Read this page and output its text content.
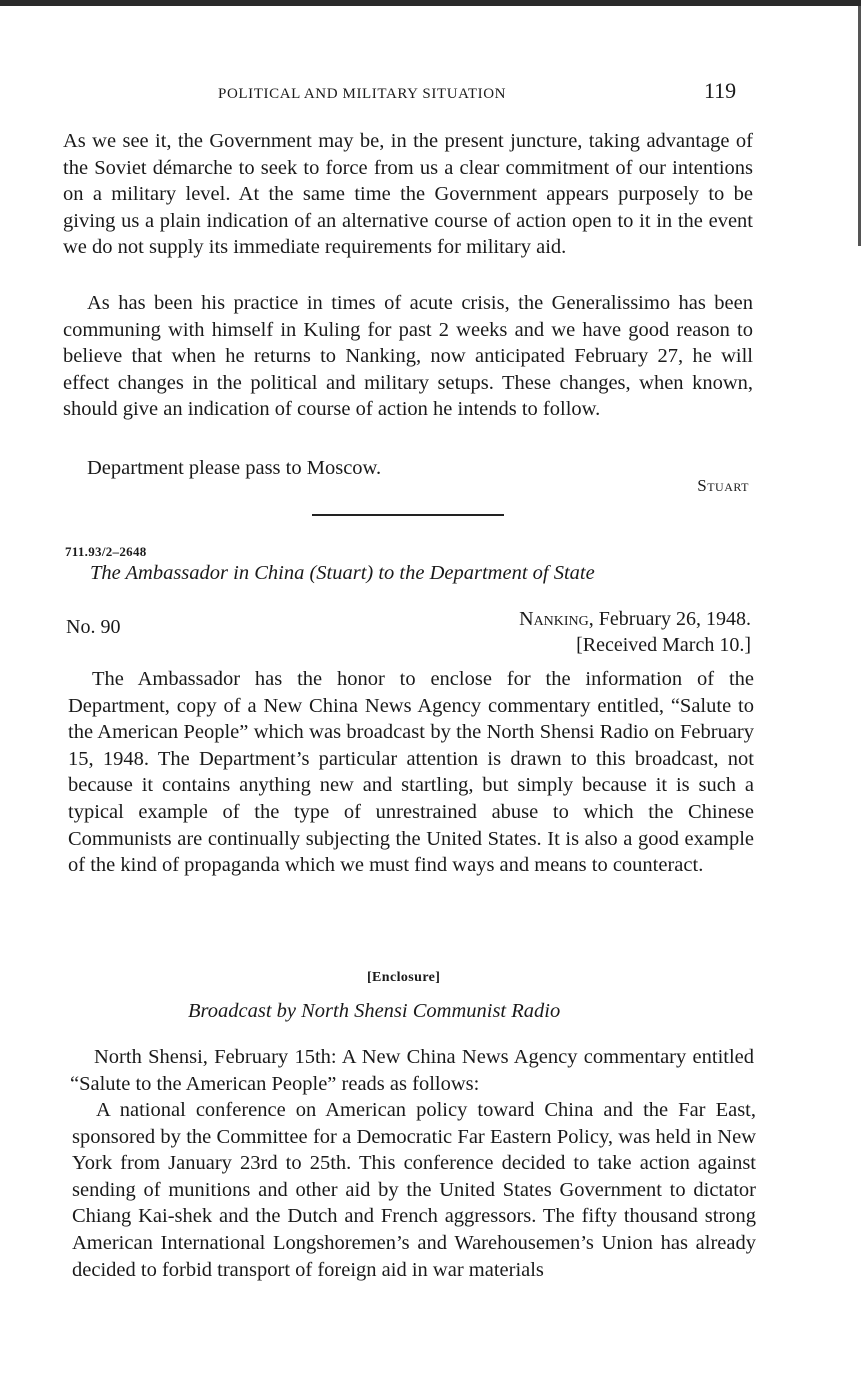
POLITICAL AND MILITARY SITUATION	119

As we see it, the Government may be, in the present juncture, taking advantage of the Soviet démarche to seek to force from us a clear commitment of our intentions on a military level. At the same time the Government appears purposely to be giving us a plain indication of an alternative course of action open to it in the event we do not supply its immediate requirements for military aid.

As has been his practice in times of acute crisis, the Generalissimo has been communing with himself in Kuling for past 2 weeks and we have good reason to believe that when he returns to Nanking, now anticipated February 27, he will effect changes in the political and military setups. These changes, when known, should give an indication of course of action he intends to follow.

Department please pass to Moscow.

Stuart
711.93/2–2648
The Ambassador in China (Stuart) to the Department of State
No. 90	Nanking, February 26, 1948.
[Received March 10.]

The Ambassador has the honor to enclose for the information of the Department, copy of a New China News Agency commentary entitled, “Salute to the American People” which was broadcast by the North Shensi Radio on February 15, 1948. The Department’s particular attention is drawn to this broadcast, not because it contains anything new and startling, but simply because it is such a typical example of the type of unrestrained abuse to which the Chinese Communists are continually subjecting the United States. It is also a good example of the kind of propaganda which we must find ways and means to counteract.

[Enclosure]
Broadcast by North Shensi Communist Radio

North Shensi, February 15th: A New China News Agency commentary entitled “Salute to the American People” reads as follows:

A national conference on American policy toward China and the Far East, sponsored by the Committee for a Democratic Far Eastern Policy, was held in New York from January 23rd to 25th. This conference decided to take action against sending of munitions and other aid by the United States Government to dictator Chiang Kai-shek and the Dutch and French aggressors. The fifty thousand strong American International Longshoremen’s and Warehousemen’s Union has already decided to forbid transport of foreign aid in war materials
